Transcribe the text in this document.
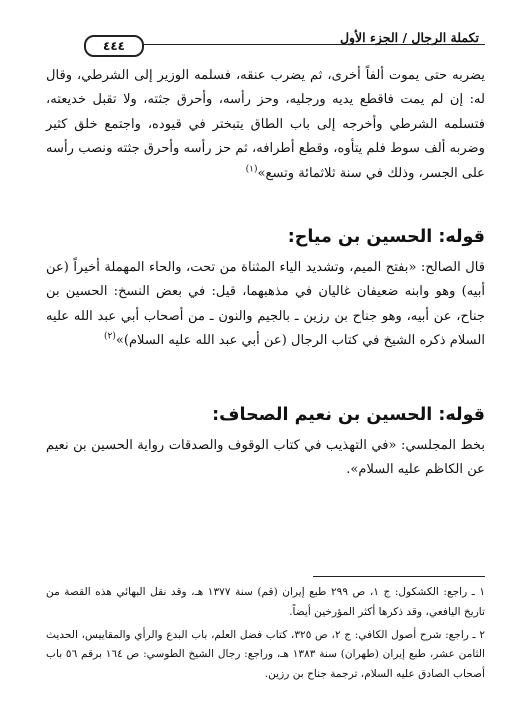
تكملة الرجال / الجزء الأول
٤٤٤

يضربه حتى يموت ألفاً أخرى، ثم يضرب عنقه، فسلمه الوزير إلى الشرطي، وقال له: إن لم يمت فاقطع يديه ورجليه، وحز رأسه، وأحرق جثته، ولا تقبل خديعته، فتسلمه الشرطي وأخرجه إلى باب الطاق يتبختر في قيوده، واجتمع خلق كثير وضربه ألف سوط فلم يتأوه، وقطع أطرافه، ثم حز رأسه وأحرق جثته ونصب رأسه على الجسر، وذلك في سنة ثلاثمائة وتسع»$^{(١)}$

قوله: الحسين بن مياح:

قال الصالح: «بفتح الميم، وتشديد الياء المثناة من تحت، والحاء المهملة أخيراً (عن أبيه) وهو وابنه ضعيفان غاليان في مذهبهما، قيل: في بعض النسخ: الحسين بن جناح، عن أبيه، وهو جناح بن رزين ـ بالجيم والنون ـ من أصحاب أبي عبد الله عليه السلام ذكره الشيخ في كتاب الرجال (عن أبي عبد الله عليه السلام)»$^{(٢)}$

قوله: الحسين بن نعيم الصحاف:

بخط المجلسي: «في التهذيب في كتاب الوقوف والصدقات رواية الحسين بن نعيم عن الكاظم عليه السلام».

١ ـ راجع: الكشكول: ج ١، ص ٢٩٩ طبع إيران (قم) سنة ١٣٧٧ هـ، وقد نقل البهائي هذه القصة من تاريخ اليافعي، وقد ذكرها أكثر المؤرخين أيضاً.

٢ ـ راجع: شرح أصول الكافي: ج ٢، ص ٣٢٥، كتاب فضل العلم، باب البدع والرأي والمقاييس، الحديث الثامن عشر، طبع إيران (طهران) سنة ١٣٨٣ هـ، وراجع: رجال الشيخ الطوسي: ص ١٦٤ برقم ٥٦ باب أصحاب الصادق عليه السلام، ترجمة جناح بن رزين.
